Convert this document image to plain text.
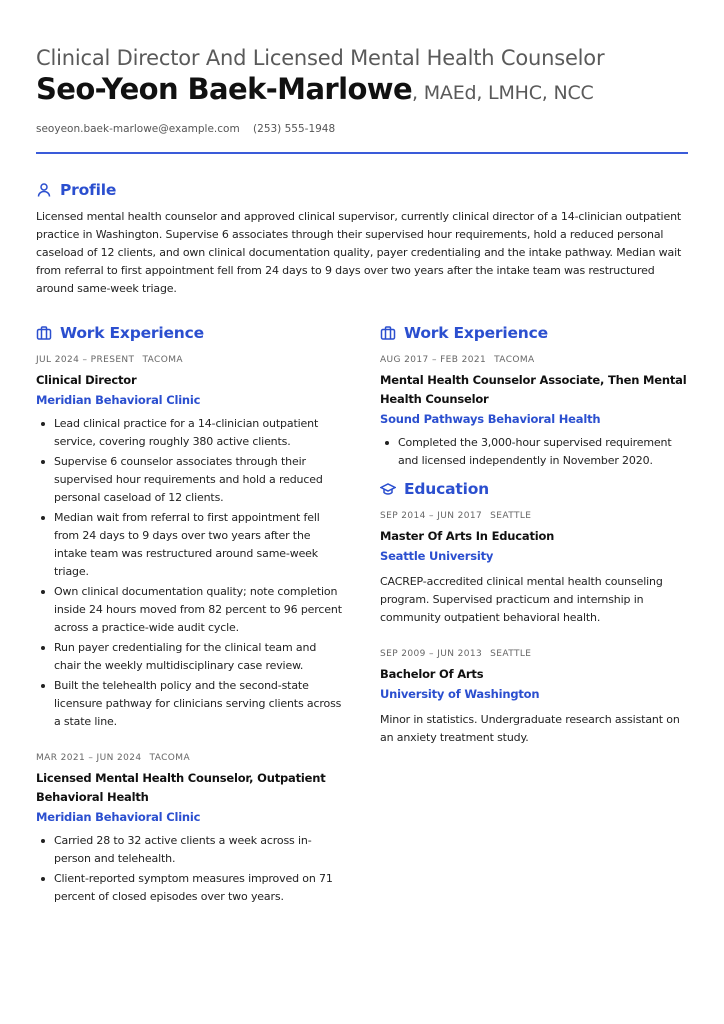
Clinical Director And Licensed Mental Health Counselor
Seo-Yeon Baek-Marlowe, MAEd, LMHC, NCC
seoyeon.baek-marlowe@example.com (253) 555-1948
Profile

Licensed mental health counselor and approved clinical supervisor, currently clinical director of a 14-clinician outpatient practice in Washington. Supervise 6 associates through their supervised hour requirements, hold a reduced personal caseload of 12 clients, and own clinical documentation quality, payer credentialing and the intake pathway. Median wait from referral to first appointment fell from 24 days to 9 days over two years after the intake team was restructured around same-week triage.

Work Experience
JUL 2024 – PRESENT TACOMA
Clinical Director
Meridian Behavioral Clinic
Lead clinical practice for a 14-clinician outpatient service, covering roughly 380 active clients.
Supervise 6 counselor associates through their supervised hour requirements and hold a reduced personal caseload of 12 clients.
Median wait from referral to first appointment fell from 24 days to 9 days over two years after the intake team was restructured around same-week triage.
Own clinical documentation quality; note completion inside 24 hours moved from 82 percent to 96 percent across a practice-wide audit cycle.
Run payer credentialing for the clinical team and chair the weekly multidisciplinary case review.
Built the telehealth policy and the second-state licensure pathway for clinicians serving clients across a state line.
MAR 2021 – JUN 2024 TACOMA
Licensed Mental Health Counselor, Outpatient Behavioral Health
Meridian Behavioral Clinic
Carried 28 to 32 active clients a week across in-person and telehealth.
Client-reported symptom measures improved on 71 percent of closed episodes over two years.
Work Experience
AUG 2017 – FEB 2021 TACOMA
Mental Health Counselor Associate, Then Mental Health Counselor
Sound Pathways Behavioral Health
Completed the 3,000-hour supervised requirement and licensed independently in November 2020.
Education
SEP 2014 – JUN 2017 SEATTLE
Master Of Arts In Education
Seattle University

CACREP-accredited clinical mental health counseling program. Supervised practicum and internship in community outpatient behavioral health.

SEP 2009 – JUN 2013 SEATTLE
Bachelor Of Arts
University of Washington

Minor in statistics. Undergraduate research assistant on an anxiety treatment study.
